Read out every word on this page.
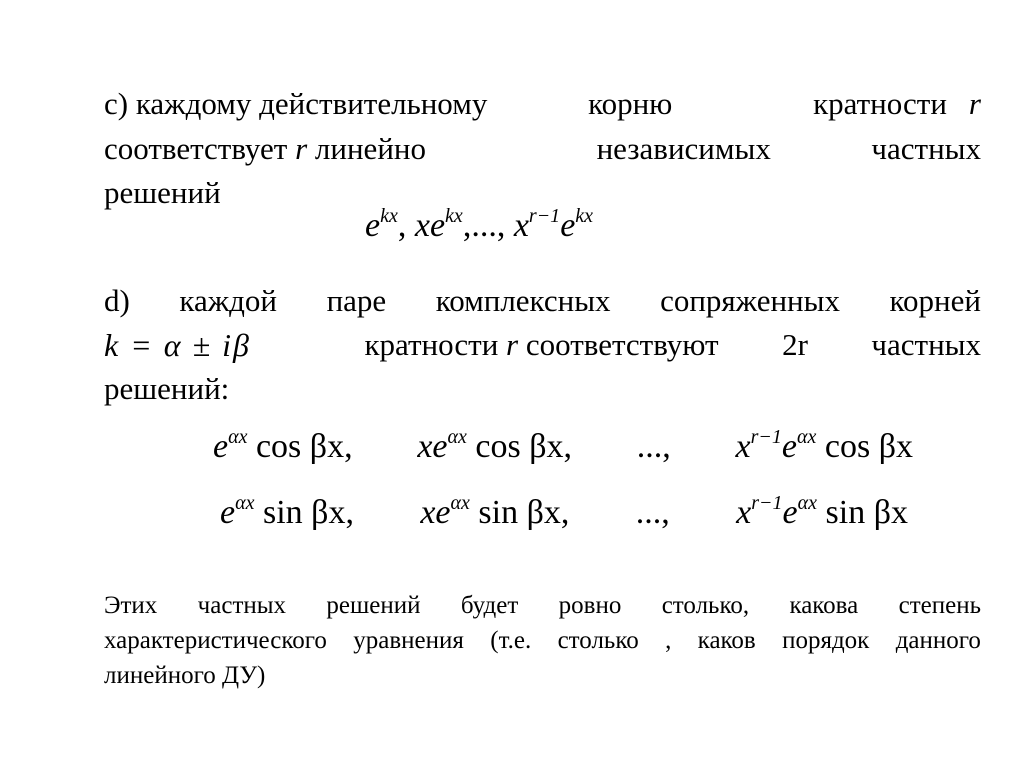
c) каждому действительному	корню	кратности r
соответствует r линейно	независимых	частных
решений
$e^{kx}$, $xe^{kx}$,..., $x^{r-1}e^{kx}$
d) каждой паре комплексных сопряженных корней
k = α ± iβ	кратности r соответствуют 2r частных
решений:
$e^{\alpha x}$ cos βx, $xe^{\alpha x}$ cos βx, ..., $x^{r-1}e^{\alpha x}$ cos βx
$e^{\alpha x}$ sin βx, $xe^{\alpha x}$ sin βx, ..., $x^{r-1}e^{\alpha x}$ sin βx
Этих частных решений будет ровно столько, какова степень
характеристического уравнения (т.е. столько , каков порядок данного
линейного ДУ)
